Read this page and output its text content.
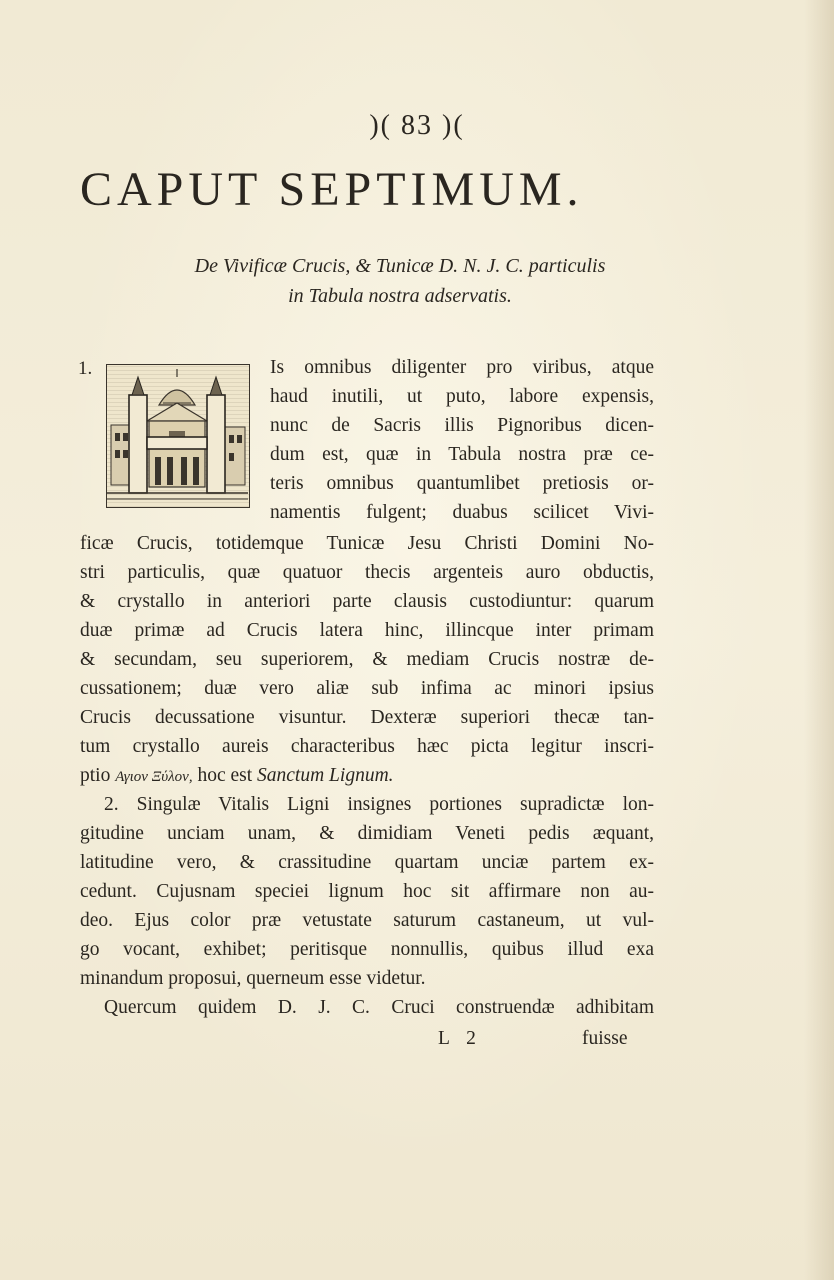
)( 83 )(
CAPUT SEPTIMUM.
De Vivificæ Crucis, & Tunicæ D. N. J. C. particulis
in Tabula nostra adservatis.
1.	Is omnibus diligenter pro viribus, atque
haud inutili, ut puto, labore expensis,
nunc de Sacris illis Pignoribus dicen-
dum est, quæ in Tabula nostra præ ce-
teris omnibus quantumlibet pretiosis or-
namentis fulgent; duabus scilicet Vivi-
ficæ Crucis, totidemque Tunicæ Jesu Christi Domini No-
stri particulis, quæ quatuor thecis argenteis auro obductis,
& crystallo in anteriori parte clausis custodiuntur: quarum
duæ primæ ad Crucis latera hinc, illincque inter primam
& secundam, seu superiorem, & mediam Crucis nostræ de-
cussationem; duæ vero aliæ sub infima ac minori ipsius
Crucis decussatione visuntur. Dexteræ superiori thecæ tan-
tum crystallo aureis characteribus hæc picta legitur inscri-
ptio Αγιον Ξύλον, hoc est Sanctum Lignum.
2. Singulæ Vitalis Ligni insignes portiones supradictæ lon-
gitudine unciam unam, & dimidiam Veneti pedis æquant,
latitudine vero, & crassitudine quartam unciæ partem ex-
cedunt. Cujusnam speciei lignum hoc sit affirmare non au-
deo. Ejus color præ vetustate saturum castaneum, ut vul-
go vocant, exhibet; peritisque nonnullis, quibus illud exa
minandum proposui, querneum esse videtur.
Quercum quidem D. J. C. Cruci construendæ adhibitam
L 2	fuisse
